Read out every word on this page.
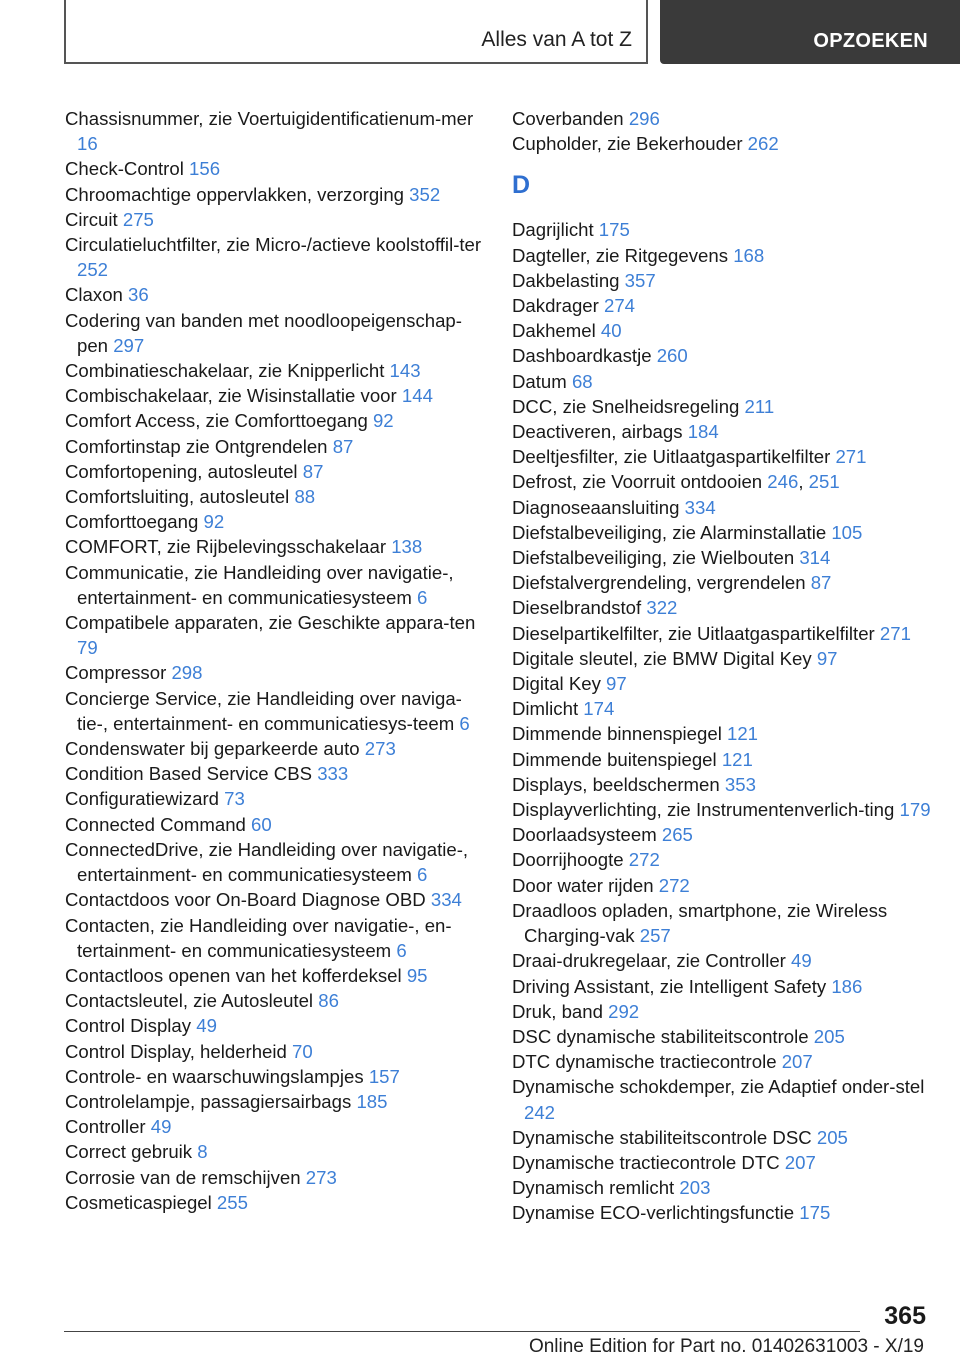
Alles van A tot Z	OPZOEKEN
Chassisnummer, zie Voertuigidentificatienum-mer 16
Check-Control 156
Chroomachtige oppervlakken, verzorging 352
Circuit 275
Circulatieluchtfilter, zie Micro-/actieve koolstoffil-ter 252
Claxon 36
Codering van banden met noodloopeigenschap-pen 297
Combinatieschakelaar, zie Knipperlicht 143
Combischakelaar, zie Wisinstallatie voor 144
Comfort Access, zie Comforttoegang 92
Comfortinstap zie Ontgrendelen 87
Comfortopening, autosleutel 87
Comfortsluiting, autosleutel 88
Comforttoegang 92
COMFORT, zie Rijbelevingsschakelaar 138
Communicatie, zie Handleiding over navigatie-, entertainment- en communicatiesysteem 6
Compatibele apparaten, zie Geschikte appara-ten 79
Compressor 298
Concierge Service, zie Handleiding over naviga-tie-, entertainment- en communicatiesys-teem 6
Condenswater bij geparkeerde auto 273
Condition Based Service CBS 333
Configuratiewizard 73
Connected Command 60
ConnectedDrive, zie Handleiding over navigatie-, entertainment- en communicatiesysteem 6
Contactdoos voor On-Board Diagnose OBD 334
Contacten, zie Handleiding over navigatie-, en-tertainment- en communicatiesysteem 6
Contactloos openen van het kofferdeksel 95
Contactsleutel, zie Autosleutel 86
Control Display 49
Control Display, helderheid 70
Controle- en waarschuwingslampjes 157
Controlelampje, passagiersairbags 185
Controller 49
Correct gebruik 8
Corrosie van de remschijven 273
Cosmeticaspiegel 255
Coverbanden 296
Cupholder, zie Bekerhouder 262
D
Dagrijlicht 175
Dagteller, zie Ritgegevens 168
Dakbelasting 357
Dakdrager 274
Dakhemel 40
Dashboardkastje 260
Datum 68
DCC, zie Snelheidsregeling 211
Deactiveren, airbags 184
Deeltjesfilter, zie Uitlaatgaspartikelfilter 271
Defrost, zie Voorruit ontdooien 246, 251
Diagnoseaansluiting 334
Diefstalbeveiliging, zie Alarminstallatie 105
Diefstalbeveiliging, zie Wielbouten 314
Diefstalvergrendeling, vergrendelen 87
Dieselbrandstof 322
Dieselpartikelfilter, zie Uitlaatgaspartikelfilter 271
Digitale sleutel, zie BMW Digital Key 97
Digital Key 97
Dimlicht 174
Dimmende binnenspiegel 121
Dimmende buitenspiegel 121
Displays, beeldschermen 353
Displayverlichting, zie Instrumentenverlich-ting 179
Doorlaadsysteem 265
Doorrijhoogte 272
Door water rijden 272
Draadloos opladen, smartphone, zie Wireless Charging-vak 257
Draai-drukregelaar, zie Controller 49
Driving Assistant, zie Intelligent Safety 186
Druk, band 292
DSC dynamische stabiliteitscontrole 205
DTC dynamische tractiecontrole 207
Dynamische schokdemper, zie Adaptief onder-stel 242
Dynamische stabiliteitscontrole DSC 205
Dynamische tractiecontrole DTC 207
Dynamisch remlicht 203
Dynamise ECO-verlichtingsfunctie 175
365
Online Edition for Part no. 01402631003 - X/19
